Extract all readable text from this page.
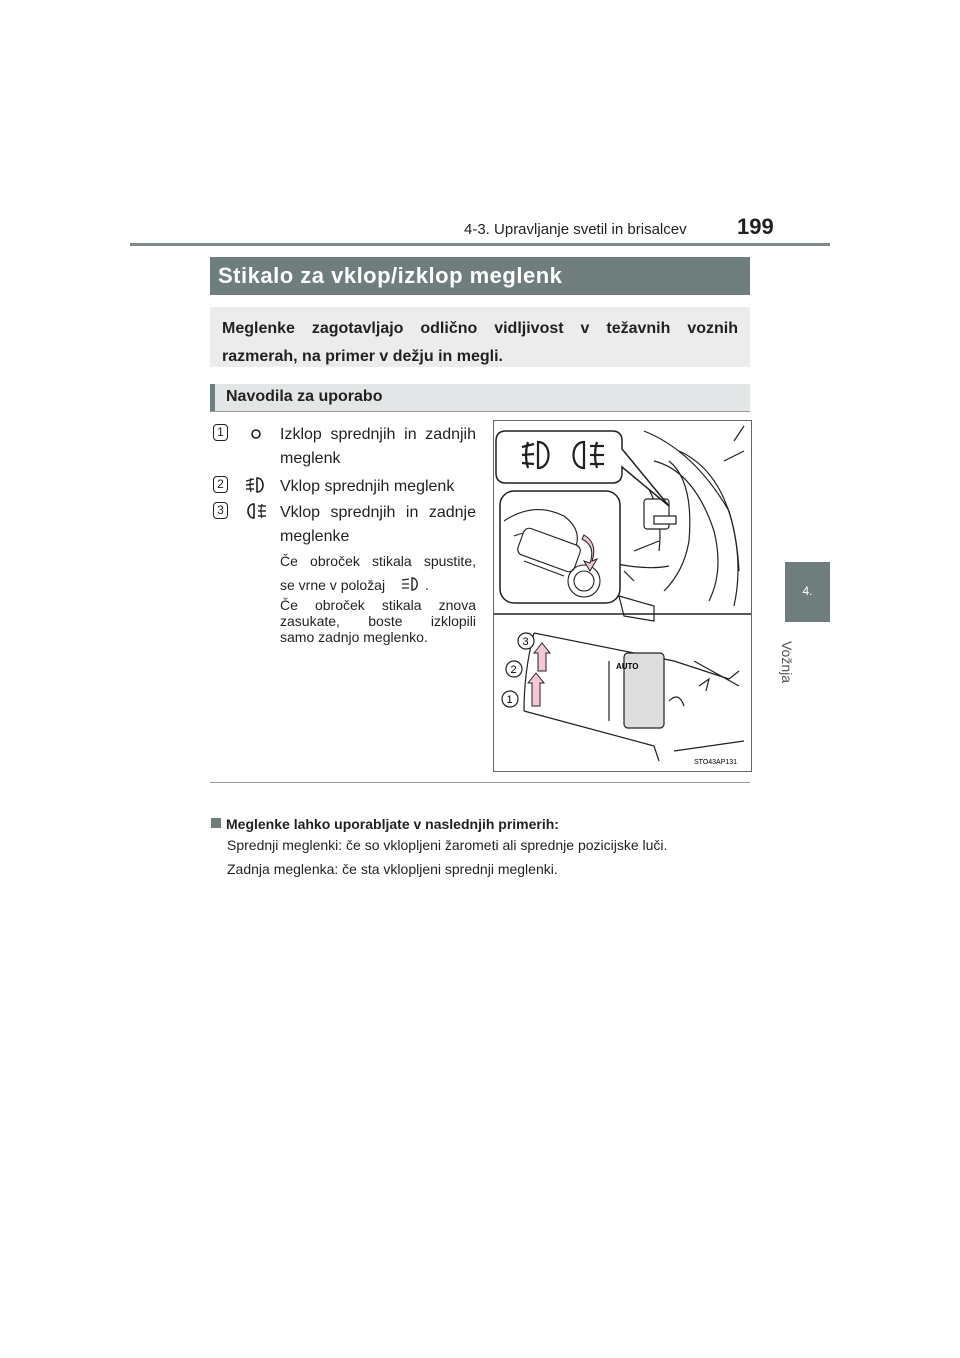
4-3. Upravljanje svetil in brisalcev 199
4.
Vožnja
Stikalo za vklop/izklop meglenk

Meglenke zagotavljajo odlično vidljivost v težavnih voznih razmerah, na primer v dežju in megli.

Navodila za uporabo
1	Izklop sprednjih in zadnjih
meglenk
2	Vklop sprednjih meglenk
3	Vklop sprednjih in zadnje
meglenke
Če obroček stikala spustite,
se vrne v položaj	.
Če obroček stikala znova
zasukate, boste izklopili
samo zadnjo meglenko.
AUTO
3
2
1
STO43AP131
Meglenke lahko uporabljate v naslednjih primerih:
Sprednji meglenki: če so vklopljeni žarometi ali sprednje pozicijske luči.
Zadnja meglenka: če sta vklopljeni sprednji meglenki.
